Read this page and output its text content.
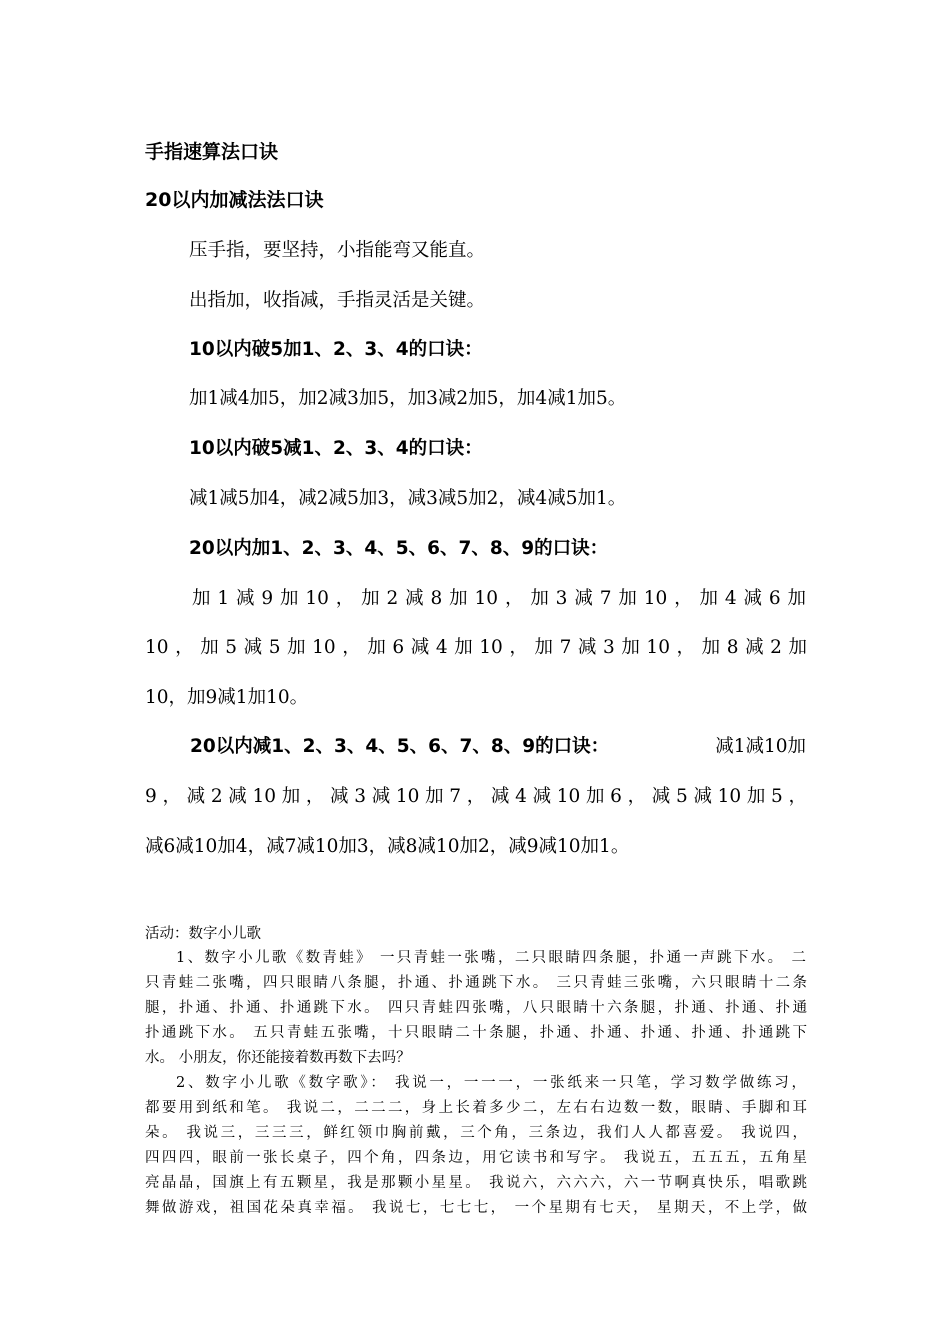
手指速算法口诀
20以内加减法法口诀
压手指，要坚持，小指能弯又能直。
出指加，收指减，手指灵活是关键。
10以内破5加1、2、3、4的口诀：
加1减4加5，加2减3加5，加3减2加5，加4减1加5。
10以内破5减1、2、3、4的口诀：
减1减5加4，减2减5加3，减3减5加2，减4减5加1。
20以内加1、2、3、4、5、6、7、8、9的口诀：
加1减9加10，加2减8加10，加3减7加10，加4减6加
10，加5减5加10，加6减4加10，加7减3加10，加8减2加
10，加9减1加10。
20以内减1、2、3、4、5、6、7、8、9的口诀：	减1减10加
9，减2减10加，减3减10加7，减4减10加6，减5减10加5，
减6减10加4，减7减10加3，减8减10加2，减9减10加1。
活动：数字小儿歌
1、数字小儿歌《数青蛙》 一只青蛙一张嘴，二只眼睛四条腿，扑通一声跳下水。 二
只青蛙二张嘴，四只眼睛八条腿，扑通、扑通跳下水。 三只青蛙三张嘴，六只眼睛十二条
腿，扑通、扑通、扑通跳下水。 四只青蛙四张嘴，八只眼睛十六条腿，扑通、扑通、扑通
扑通跳下水。 五只青蛙五张嘴，十只眼睛二十条腿，扑通、扑通、扑通、扑通、扑通跳下
水。 小朋友，你还能接着数再数下去吗？
2、数字小儿歌《数字歌》： 我说一，一一一，一张纸来一只笔，学习数学做练习，
都要用到纸和笔。 我说二，二二二，身上长着多少二，左右右边数一数，眼睛、手脚和耳
朵。 我说三，三三三，鲜红领巾胸前戴，三个角，三条边，我们人人都喜爱。 我说四，
四四四，眼前一张长桌子，四个角，四条边，用它读书和写字。 我说五，五五五，五角星
亮晶晶，国旗上有五颗星，我是那颗小星星。 我说六，六六六，六一节啊真快乐，唱歌跳
舞做游戏，祖国花朵真幸福。 我说七，七七七， 一个星期有七天， 星期天，不上学，做
